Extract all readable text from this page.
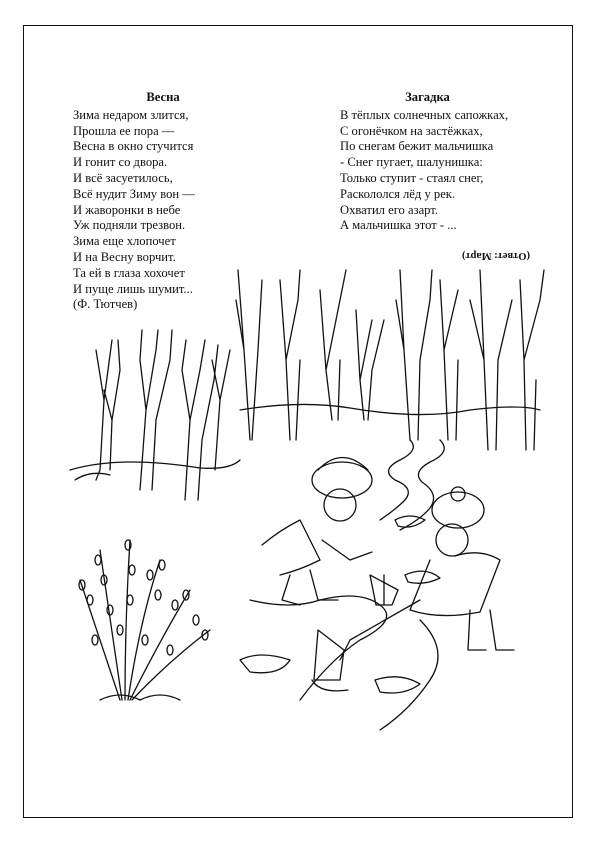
Весна
Зима недаром злится,
Прошла ее пора —
Весна в окно стучится
И гонит со двора.
И всё засуетилось,
Всё нудит Зиму вон —
И жаворонки в небе
Уж подняли трезвон.
Зима еще хлопочет
И на Весну ворчит.
Та ей в глаза хохочет
И пуще лишь шумит...
(Ф. Тютчев)
Загадка
В тёплых солнечных сапожках,
С огонёчком на застёжках,
По снегам бежит мальчишка
- Снег пугает, шалунишка:
Только ступит - стаял снег,
Раскололся лёд у рек.
Охватил его азарт.
А мальчишка этот - ...
(Ответ: Март)
